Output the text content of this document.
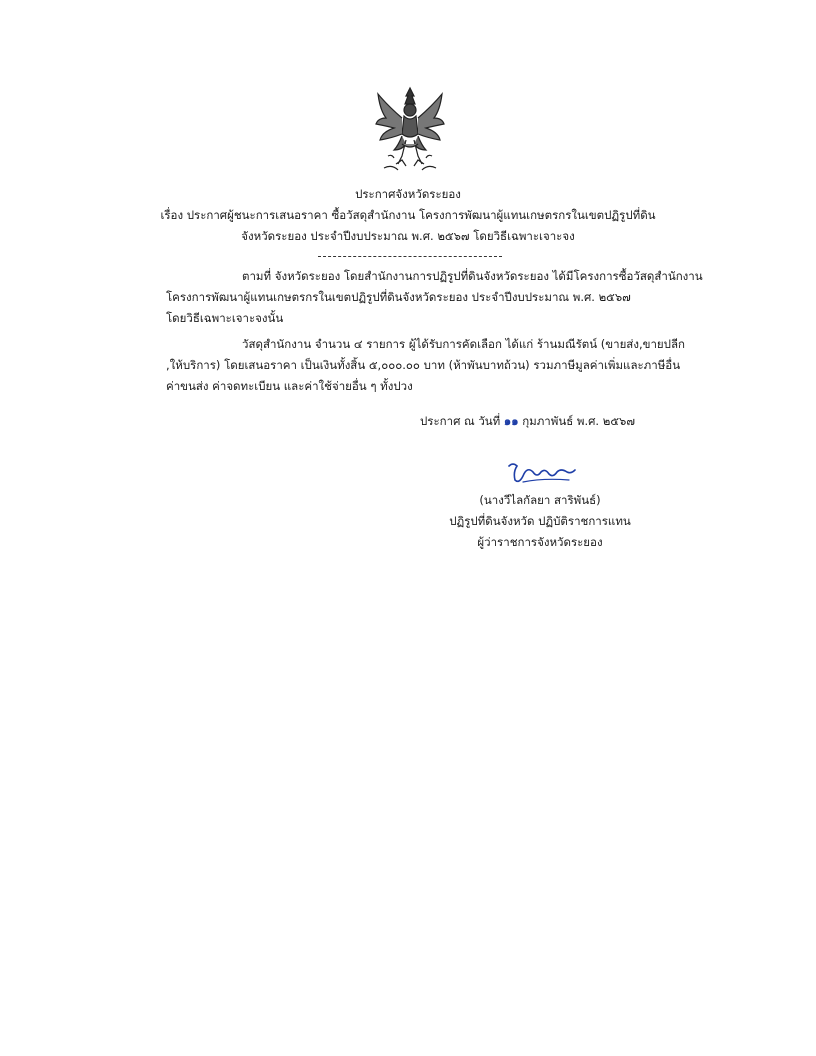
ประกาศจังหวัดระยอง
เรื่อง ประกาศผู้ชนะการเสนอราคา ซื้อวัสดุสำนักงาน โครงการพัฒนาผู้แทนเกษตรกรในเขตปฏิรูปที่ดิน
จังหวัดระยอง ประจำปีงบประมาณ พ.ศ. ๒๕๖๗ โดยวิธีเฉพาะเจาะจง
ตามที่ จังหวัดระยอง โดยสำนักงานการปฏิรูปที่ดินจังหวัดระยอง ได้มีโครงการซื้อวัสดุสำนักงาน
โครงการพัฒนาผู้แทนเกษตรกรในเขตปฏิรูปที่ดินจังหวัดระยอง ประจำปีงบประมาณ พ.ศ. ๒๕๖๗
โดยวิธีเฉพาะเจาะจงนั้น
วัสดุสำนักงาน จำนวน ๔ รายการ ผู้ได้รับการคัดเลือก ได้แก่ ร้านมณีรัตน์ (ขายส่ง,ขายปลีก
,ให้บริการ) โดยเสนอราคา เป็นเงินทั้งสิ้น ๕,๐๐๐.๐๐ บาท (ห้าพันบาทถ้วน) รวมภาษีมูลค่าเพิ่มและภาษีอื่น
ค่าขนส่ง ค่าจดทะเบียน และค่าใช้จ่ายอื่น ๆ ทั้งปวง
ประกาศ ณ วันที่ ๑๑ กุมภาพันธ์ พ.ศ. ๒๕๖๗
(นางวีไลกัลยา สาริพันธ์)
ปฏิรูปที่ดินจังหวัด ปฏิบัติราชการแทน
ผู้ว่าราชการจังหวัดระยอง
